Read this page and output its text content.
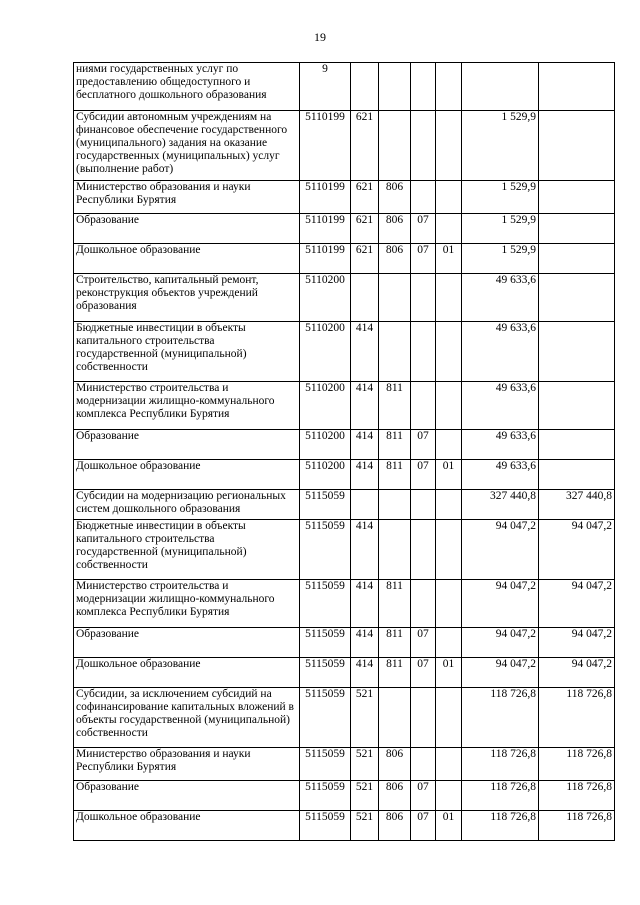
19
ниями государственных услуг по предоставлению общедоступного и бесплатного дошкольного образования	9						

Субсидии автономным учреждениям на финансовое обеспечение государственного (муниципального) задания на оказание государственных (муниципальных) услуг (выполнение работ)	5110199	621				1 529,9	
Министерство образования и науки Республики Бурятия	5110199	621	806			1 529,9	
Образование	5110199	621	806	07		1 529,9	
Дошкольное образование	5110199	621	806	07	01	1 529,9	
Строительство, капитальный ремонт, реконструкция объектов учреждений образования	5110200					49 633,6	
Бюджетные инвестиции в объекты капитального строительства государственной (муниципальной) собственности	5110200	414				49 633,6	
Министерство строительства и модернизации жилищно-коммунального комплекса Республики Бурятия	5110200	414	811			49 633,6	
Образование	5110200	414	811	07		49 633,6	
Дошкольное образование	5110200	414	811	07	01	49 633,6	
Субсидии на модернизацию региональных систем дошкольного образования	5115059					327 440,8	327 440,8
Бюджетные инвестиции в объекты капитального строительства государственной (муниципальной) собственности	5115059	414				94 047,2	94 047,2
Министерство строительства и модернизации жилищно-коммунального комплекса Республики Бурятия	5115059	414	811			94 047,2	94 047,2
Образование	5115059	414	811	07		94 047,2	94 047,2
Дошкольное образование	5115059	414	811	07	01	94 047,2	94 047,2
Субсидии, за исключением субсидий на софинансирование капитальных вложений в объекты государственной (муниципальной) собственности	5115059	521				118 726,8	118 726,8
Министерство образования и науки Республики Бурятия	5115059	521	806			118 726,8	118 726,8
Образование	5115059	521	806	07		118 726,8	118 726,8
Дошкольное образование	5115059	521	806	07	01	118 726,8	118 726,8
